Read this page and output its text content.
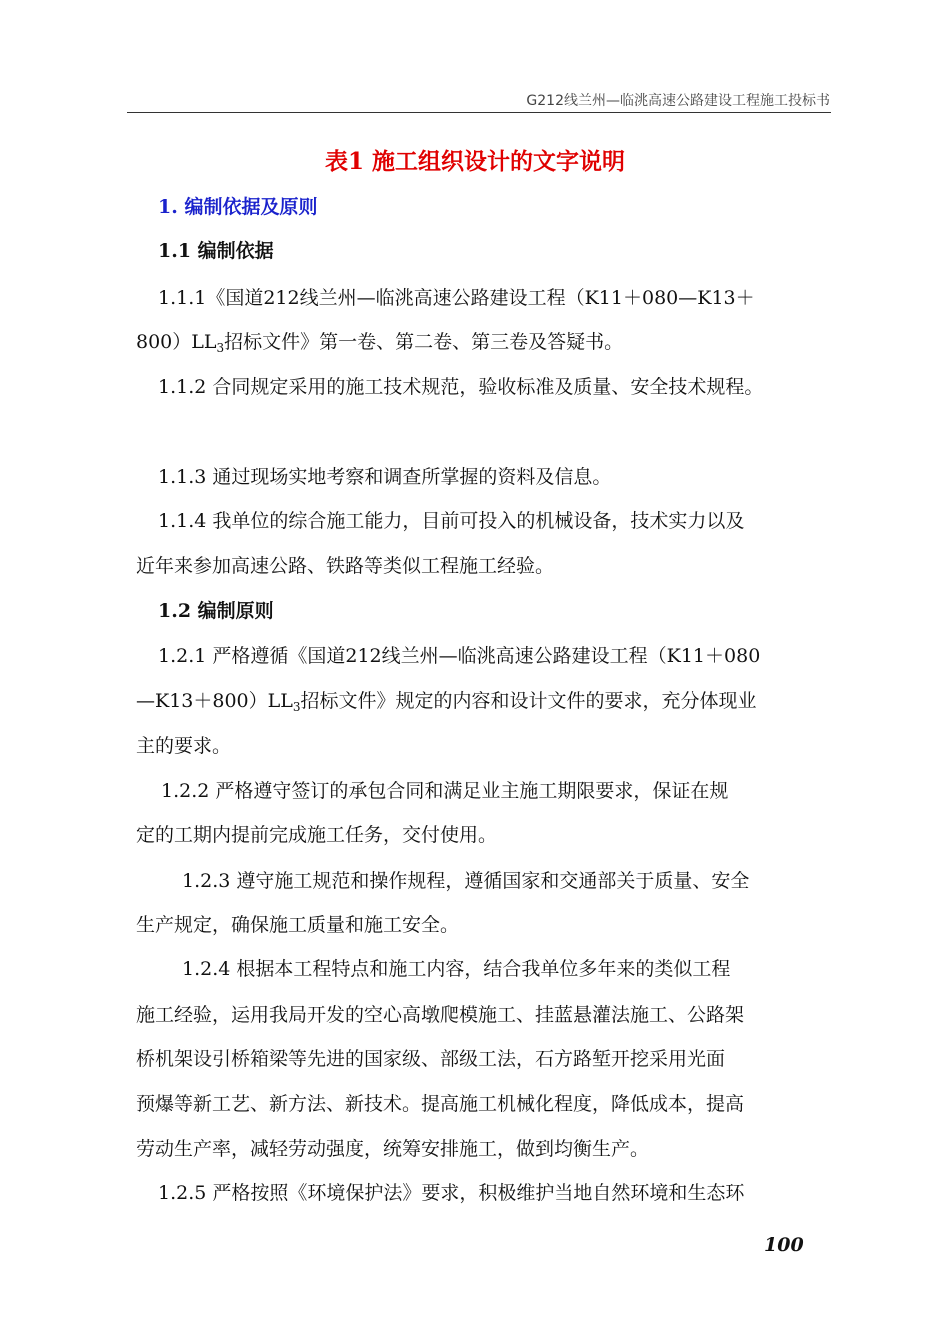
G212线兰州—临洮高速公路建设工程施工投标书
表1 施工组织设计的文字说明
1. 编制依据及原则
1.1 编制依据
1.1.1《国道212线兰州—临洮高速公路建设工程（K11＋080—K13＋
$800)LL_3$招标文件》第一卷、第二卷、第三卷及答疑书。
1.1.2 合同规定采用的施工技术规范，验收标准及质量、安全技术规程。
1.1.3 通过现场实地考察和调查所掌握的资料及信息。
1.1.4 我单位的综合施工能力，目前可投入的机械设备，技术实力以及
近年来参加高速公路、铁路等类似工程施工经验。
1.2 编制原则
1.2.1 严格遵循《国道212线兰州—临洮高速公路建设工程（K11＋080
$—K13+800)LL_3$招标文件》规定的内容和设计文件的要求，充分体现业
主的要求。
1.2.2 严格遵守签订的承包合同和满足业主施工期限要求，保证在规
定的工期内提前完成施工任务，交付使用。
1.2.3 遵守施工规范和操作规程，遵循国家和交通部关于质量、安全
生产规定，确保施工质量和施工安全。
1.2.4 根据本工程特点和施工内容，结合我单位多年来的类似工程
施工经验，运用我局开发的空心高墩爬模施工、挂蓝悬灌法施工、公路架
桥机架设引桥箱梁等先进的国家级、部级工法，石方路堑开挖采用光面
预爆等新工艺、新方法、新技术。提高施工机械化程度，降低成本，提高
劳动生产率，减轻劳动强度，统筹安排施工，做到均衡生产。
1.2.5 严格按照《环境保护法》要求，积极维护当地自然环境和生态环
100
